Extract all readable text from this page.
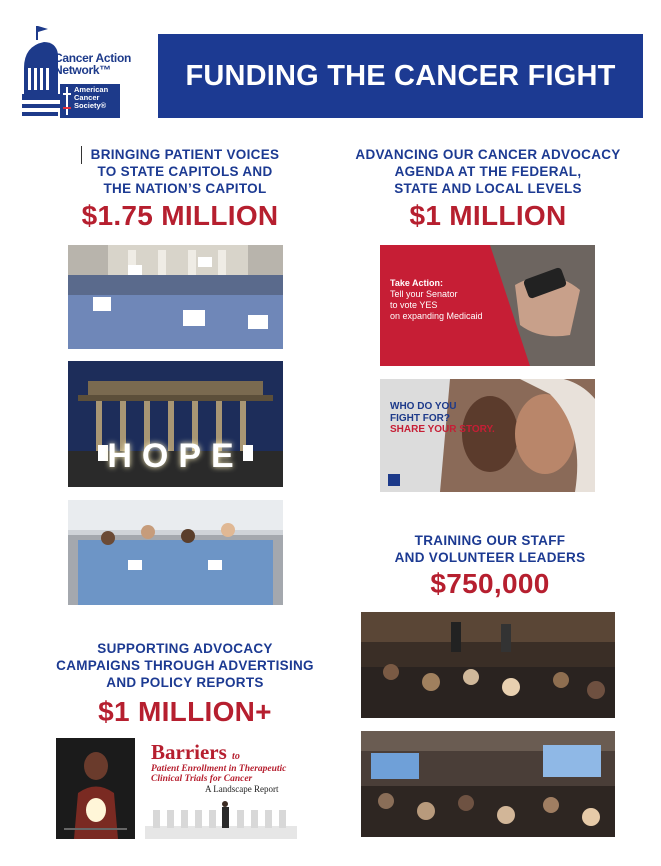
Cancer Action
Network™
American
Cancer
Society®
FUNDING THE CANCER FIGHT
BRINGING PATIENT VOICES
TO STATE CAPITOLS AND
THE NATION’S CAPITOL
$1.75 MILLION
HOPE
ADVANCING OUR CANCER ADVOCACY
AGENDA AT THE FEDERAL,
STATE AND LOCAL LEVELS
$1 MILLION
Take Action:
Tell your Senator
to vote YES
on expanding Medicaid
WHO DO YOU
FIGHT FOR?
SHARE YOUR STORY.
TRAINING OUR STAFF
AND VOLUNTEER LEADERS
$750,000
SUPPORTING ADVOCACY
CAMPAIGNS THROUGH ADVERTISING
AND POLICY REPORTS
$1 MILLION+
Barriers to
Patient Enrollment in Therapeutic
Clinical Trials for Cancer
A Landscape Report
